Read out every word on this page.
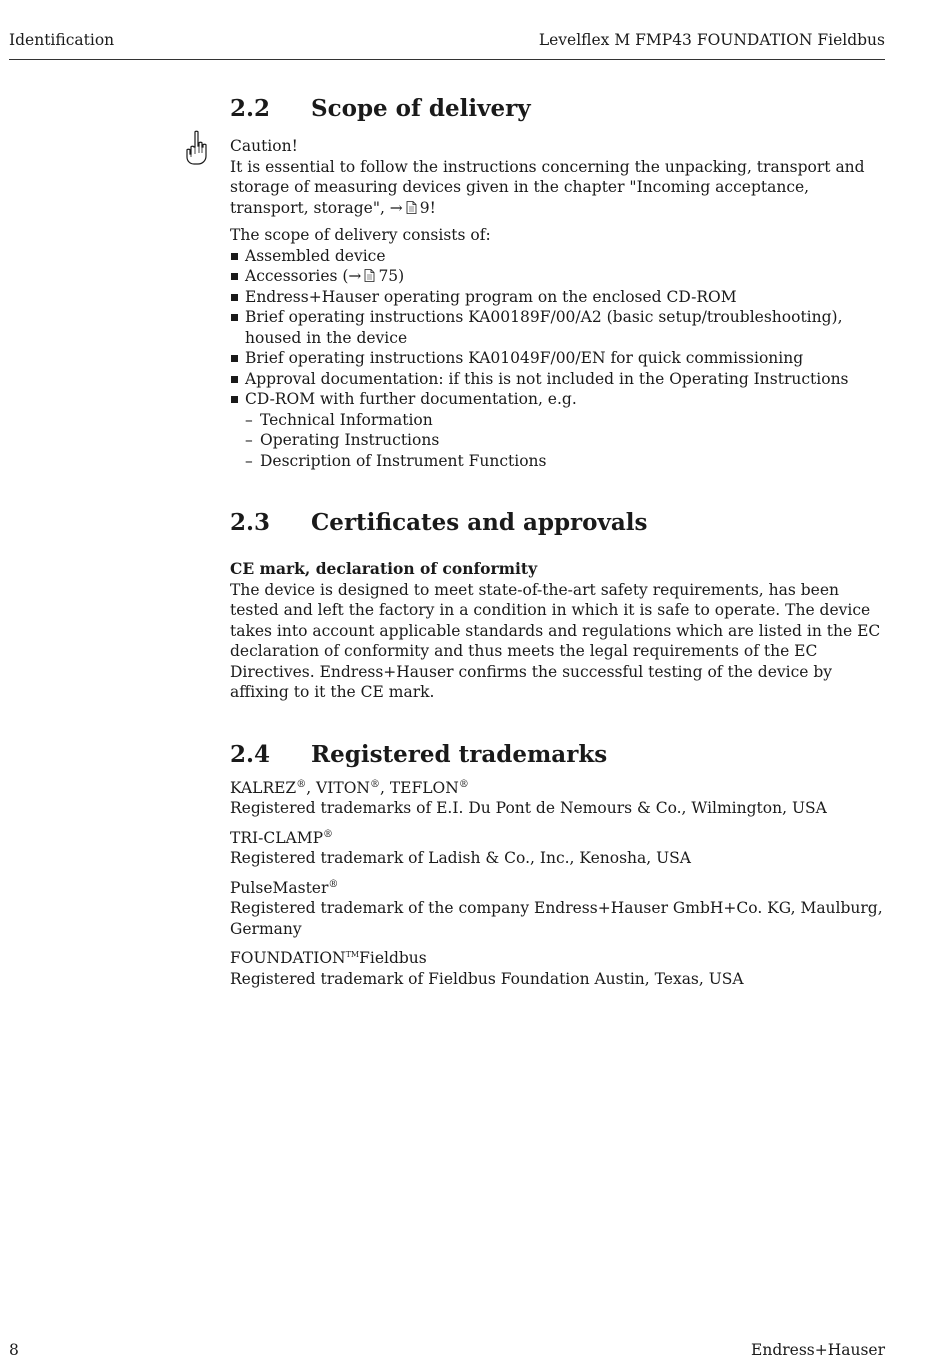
Identification	Levelflex M FMP43 FOUNDATION Fieldbus
2.2	Scope of delivery

Caution!

It is essential to follow the instructions concerning the unpacking, transport and storage of measuring devices given in the chapter "Incoming acceptance, transport, storage", → 9!

The scope of delivery consists of:

Assembled device
Accessories (→ 75)
Endress+Hauser operating program on the enclosed CD-ROM
Brief operating instructions KA00189F/00/A2 (basic setup/troubleshooting), housed in the device
Brief operating instructions KA01049F/00/EN for quick commissioning
Approval documentation: if this is not included in the Operating Instructions
CD-ROM with further documentation, e.g.
– Technical Information
– Operating Instructions
– Description of Instrument Functions
2.3	Certificates and approvals

CE mark, declaration of conformity

The device is designed to meet state-of-the-art safety requirements, has been tested and left the factory in a condition in which it is safe to operate. The device takes into account applicable standards and regulations which are listed in the EC declaration of conformity and thus meets the legal requirements of the EC Directives. Endress+Hauser confirms the successful testing of the device by affixing to it the CE mark.

2.4	Registered trademarks

KALREZ®, VITON®, TEFLON®

Registered trademarks of E.I. Du Pont de Nemours & Co., Wilmington, USA

TRI-CLAMP®

Registered trademark of Ladish & Co., Inc., Kenosha, USA

PulseMaster®

Registered trademark of the company Endress+Hauser GmbH+Co. KG, Maulburg, Germany

FOUNDATION™Fieldbus

Registered trademark of Fieldbus Foundation Austin, Texas, USA

8	Endress+Hauser
